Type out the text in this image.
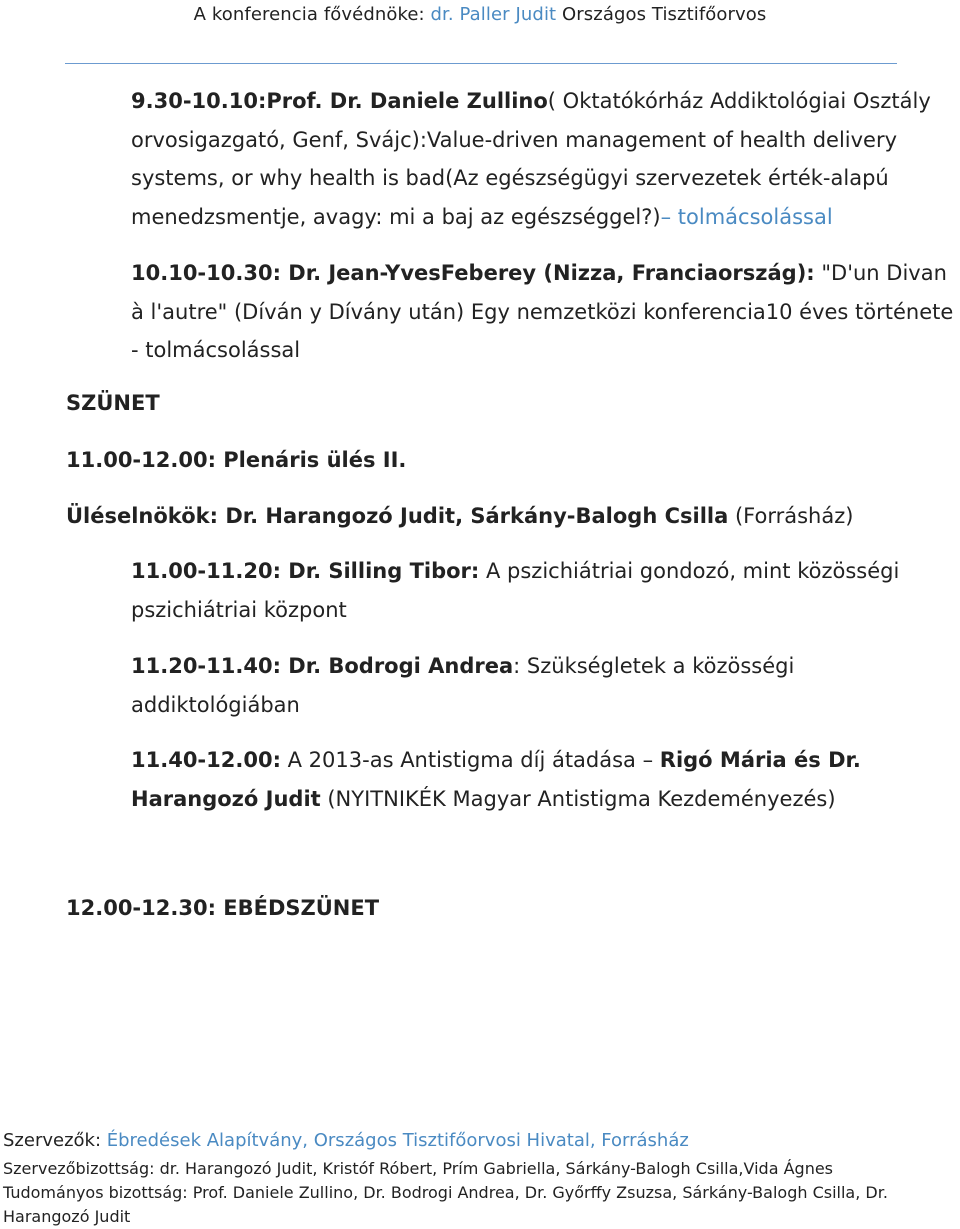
A konferencia fővédnöke: dr. Paller Judit Országos Tisztifőorvos
9.30-10.10:Prof. Dr. Daniele Zullino( Oktatókórház Addiktológiai Osztály orvosigazgató, Genf, Svájc):Value-driven management of health delivery systems, or why health is bad(Az egészségügyi szervezetek érték-alapú menedzsmentje, avagy: mi a baj az egészséggel?)– tolmácsolással
10.10-10.30: Dr. Jean-YvesFeberey (Nizza, Franciaország): "D'un Divan à l'autre" (Díván y Dívány után) Egy nemzetközi konferencia10 éves története - tolmácsolással
SZÜNET
11.00-12.00: Plenáris ülés II.
Üléselnökök: Dr. Harangozó Judit, Sárkány-Balogh Csilla (Forrásház)
11.00-11.20: Dr. Silling Tibor: A pszichiátriai gondozó, mint közösségi pszichiátriai központ
11.20-11.40: Dr. Bodrogi Andrea: Szükségletek a közösségi addiktológiában
11.40-12.00: A 2013-as Antistigma díj átadása – Rigó Mária és Dr. Harangozó Judit (NYITNIKÉK Magyar Antistigma Kezdeményezés)
12.00-12.30: EBÉDSZÜNET
Szervezők: Ébredések Alapítvány, Országos Tisztifőorvosi Hivatal, Forrásház
Szervezőbizottság: dr. Harangozó Judit, Kristóf Róbert, Prím Gabriella, Sárkány-Balogh Csilla,Vida Ágnes
Tudományos bizottság: Prof. Daniele Zullino, Dr. Bodrogi Andrea, Dr. Győrffy Zsuzsa, Sárkány-Balogh Csilla, Dr. Harangozó Judit
